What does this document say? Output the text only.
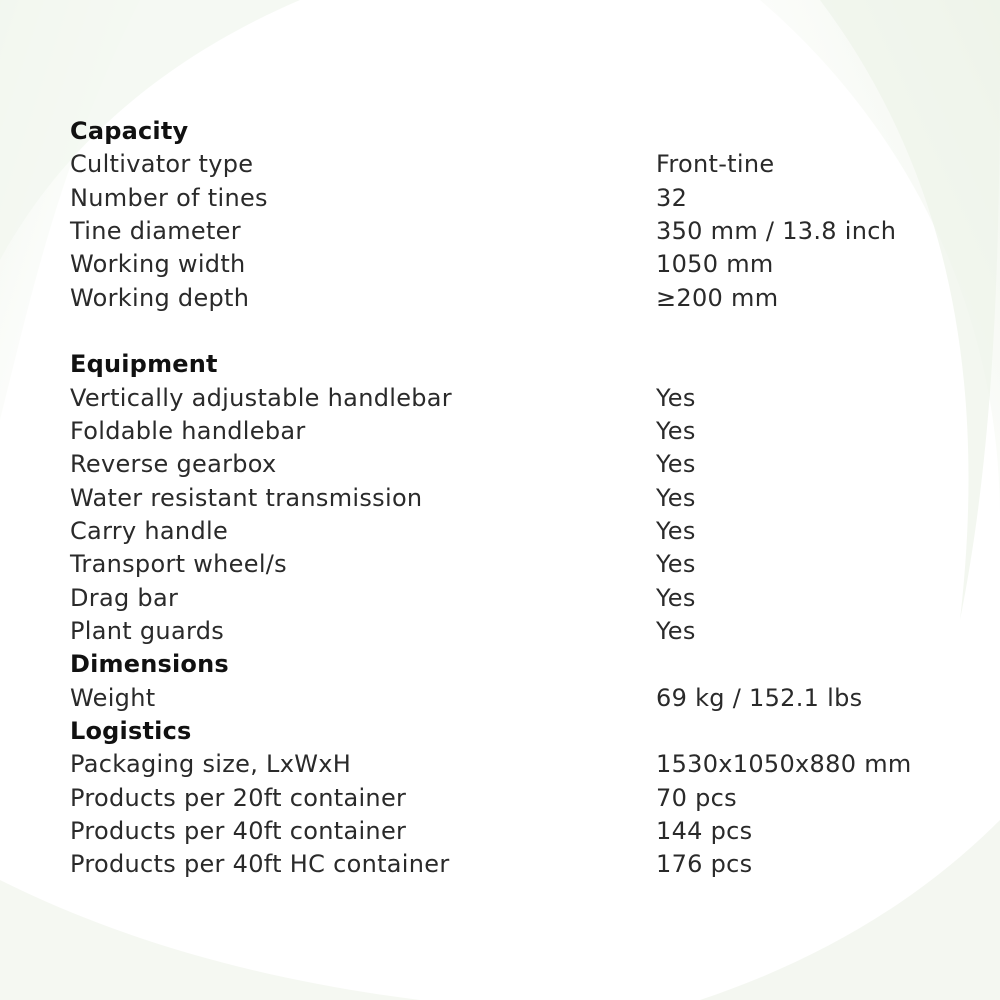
Capacity
Cultivator type	Front-tine
Number of tines	32
Tine diameter	350 mm / 13.8 inch
Working width	1050 mm
Working depth	≥200 mm
Equipment
Vertically adjustable handlebar	Yes
Foldable handlebar	Yes
Reverse gearbox	Yes
Water resistant transmission	Yes
Carry handle	Yes
Transport wheel/s	Yes
Drag bar	Yes
Plant guards	Yes
Dimensions
Weight	69 kg / 152.1 lbs
Logistics
Packaging size, LxWxH	1530x1050x880 mm
Products per 20ft container	70 pcs
Products per 40ft container	144 pcs
Products per 40ft HC container	176 pcs
